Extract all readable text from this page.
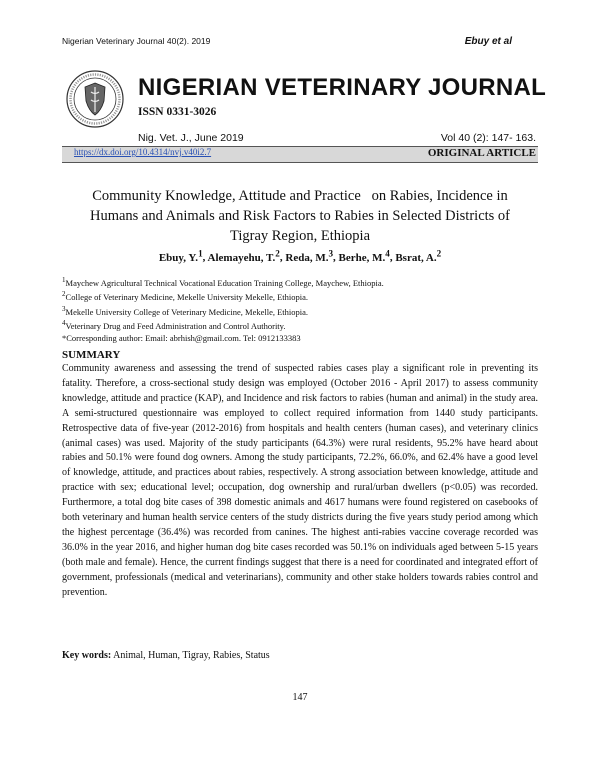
Nigerian Veterinary Journal 40(2). 2019	Ebuy et al
NIGERIAN VETERINARY JOURNAL
ISSN 0331-3026
Nig. Vet. J., June 2019	Vol 40 (2): 147- 163.
https://dx.doi.org/10.4314/nvj.v40i2.7	ORIGINAL ARTICLE
Community Knowledge, Attitude and Practice   on Rabies, Incidence in
Humans and Animals and Risk Factors to Rabies in Selected Districts of
Tigray Region, Ethiopia
Ebuy, Y.$^1$, Alemayehu, T.$^2$, Reda, M.$^3$, Berhe, M.$^4$, Bsrat, A.$^2$
$^1$Maychew Agricultural Technical Vocational Education Training College, Maychew, Ethiopia.
$^2$College of Veterinary Medicine, Mekelle University Mekelle, Ethiopia.
$^3$Mekelle University College of Veterinary Medicine, Mekelle, Ethiopia.
$^4$Veterinary Drug and Feed Administration and Control Authority.
*Corresponding author: Email: abrhish@gmail.com. Tel: 0912133383
SUMMARY
Community awareness and assessing the trend of suspected rabies cases play a significant role in preventing its fatality. Therefore, a cross-sectional study design was employed (October 2016 - April 2017) to assess community knowledge, attitude and practice (KAP), and Incidence and risk factors to rabies (human and animal) in the study area. A semi-structured questionnaire was employed to collect required information from 1440 study participants. Retrospective data of five-year (2012-2016) from hospitals and health centers (human cases), and veterinary clinics (animal cases) was used. Majority of the study participants (64.3%) were rural residents, 95.2% have heard about rabies and 50.1% were found dog owners. Among the study participants, 72.2%, 66.0%, and 62.4% have a good level of knowledge, attitude, and practices about rabies, respectively. A strong association between knowledge, attitude and practice with sex; educational level; occupation, dog ownership and rural/urban dwellers (p<0.05) was recorded. Furthermore, a total dog bite cases of 398 domestic animals and 4617 humans were found registered on casebooks of both veterinary and human health service centers of the study districts during the five years study period among which the highest percentage (36.4%) was recorded from canines. The highest anti-rabies vaccine coverage recorded was 36.0% in the year 2016, and higher human dog bite cases recorded was 50.1% on individuals aged between 5-15 years (both male and female). Hence, the current findings suggest that there is a need for coordinated and integrated effort of government, professionals (medical and veterinarians), community and other stake holders towards rabies control and prevention.
Key words: Animal, Human, Tigray, Rabies, Status
147
